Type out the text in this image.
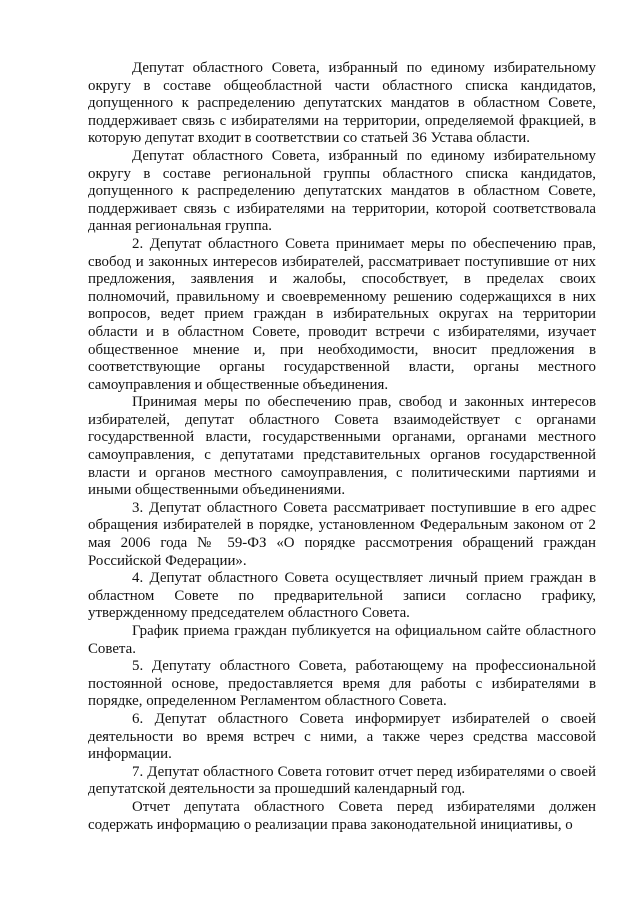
Депутат областного Совета, избранный по единому избирательному округу в составе общеобластной части областного списка кандидатов, допущенного к распределению депутатских мандатов в областном Совете, поддерживает связь с избирателями на территории, определяемой фракцией, в которую депутат входит в соответствии со статьей 36 Устава области.

Депутат областного Совета, избранный по единому избирательному округу в составе региональной группы областного списка кандидатов, допущенного к распределению депутатских мандатов в областном Совете, поддерживает связь с избирателями на территории, которой соответствовала данная региональная группа.

2. Депутат областного Совета принимает меры по обеспечению прав, свобод и законных интересов избирателей, рассматривает поступившие от них предложения, заявления и жалобы, способствует, в пределах своих полномочий, правильному и своевременному решению содержащихся в них вопросов, ведет прием граждан в избирательных округах на территории области и в областном Совете, проводит встречи с избирателями, изучает общественное мнение и, при необходимости, вносит предложения в соответствующие органы государственной власти, органы местного самоуправления и общественные объединения.

Принимая меры по обеспечению прав, свобод и законных интересов избирателей, депутат областного Совета взаимодействует с органами государственной власти, государственными органами, органами местного самоуправления, с депутатами представительных органов государственной власти и органов местного самоуправления, с политическими партиями и иными общественными объединениями.

3. Депутат областного Совета рассматривает поступившие в его адрес обращения избирателей в порядке, установленном Федеральным законом от 2 мая 2006 года № 59-ФЗ «О порядке рассмотрения обращений граждан Российской Федерации».

4. Депутат областного Совета осуществляет личный прием граждан в областном Совете по предварительной записи согласно графику, утвержденному председателем областного Совета.

График приема граждан публикуется на официальном сайте областного Совета.

5. Депутату областного Совета, работающему на профессиональной постоянной основе, предоставляется время для работы с избирателями в порядке, определенном Регламентом областного Совета.

6. Депутат областного Совета информирует избирателей о своей деятельности во время встреч с ними, а также через средства массовой информации.

7. Депутат областного Совета готовит отчет перед избирателями о своей депутатской деятельности за прошедший календарный год.

Отчет депутата областного Совета перед избирателями должен содержать информацию о реализации права законодательной инициативы, о
